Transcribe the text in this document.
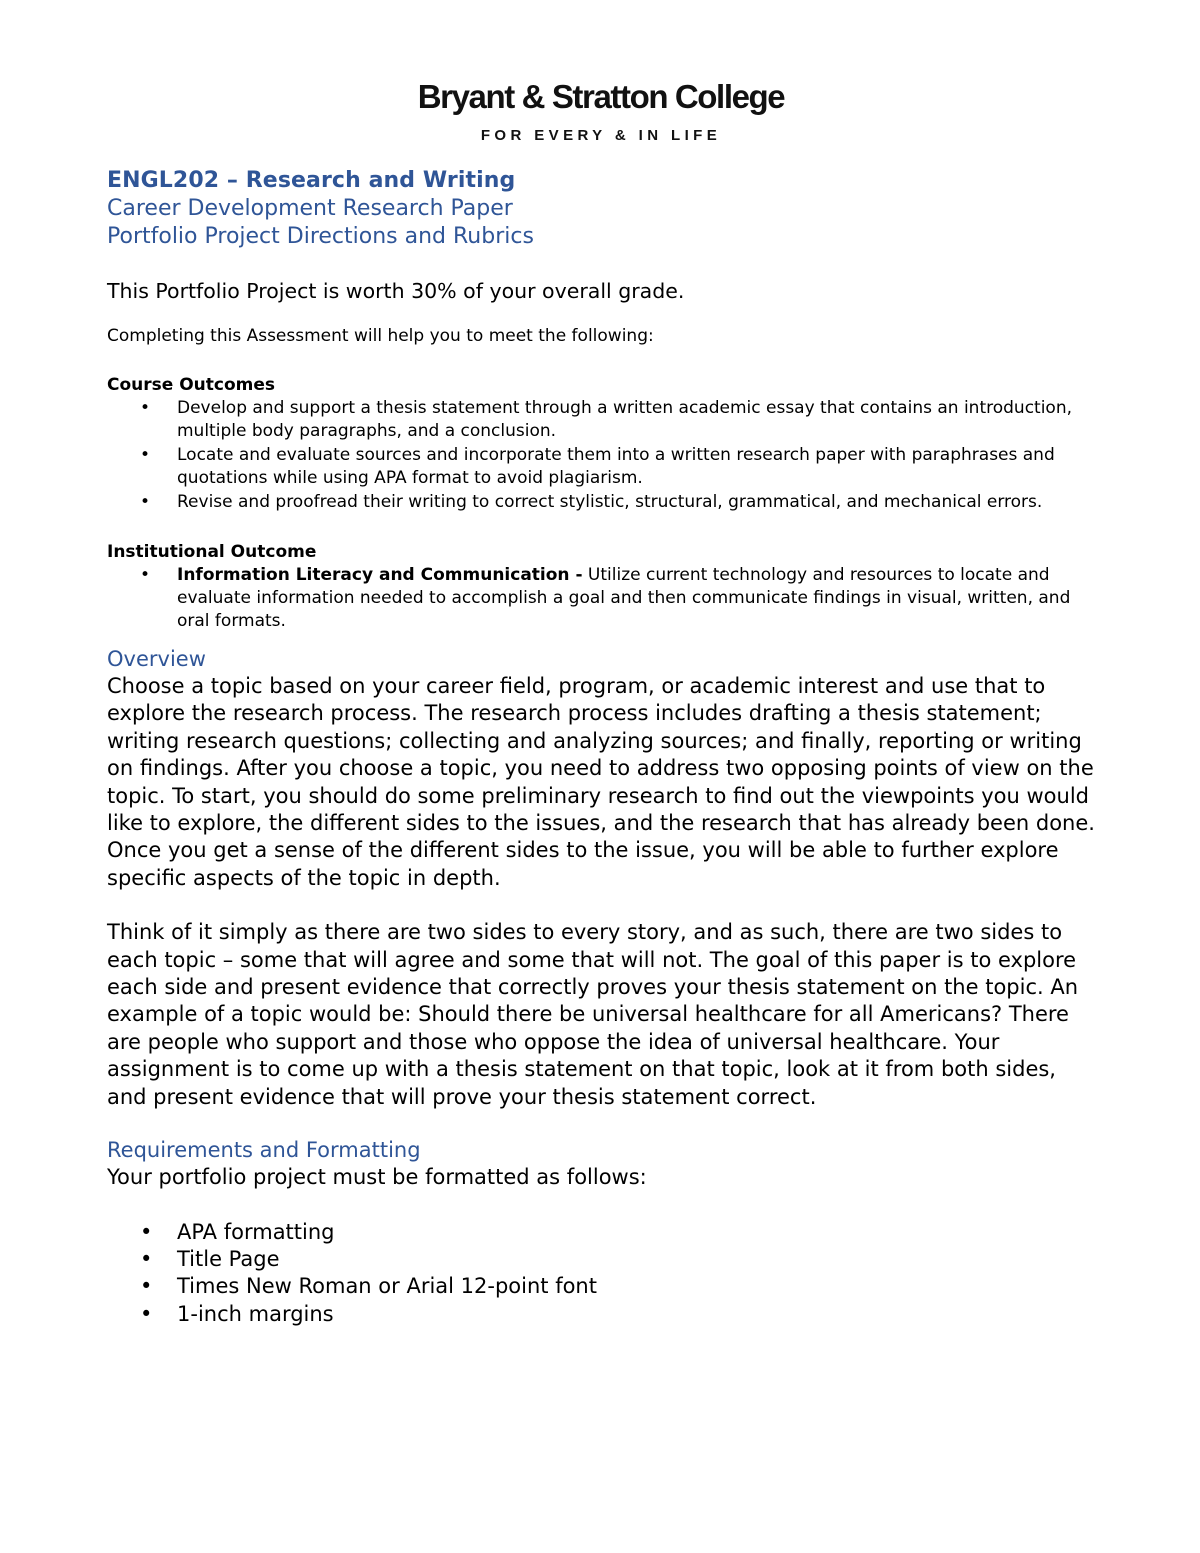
Bryant & Stratton College
FOR EVERY & IN LIFE

ENGL202 – Research and Writing

Career Development Research Paper

Portfolio Project Directions and Rubrics

This Portfolio Project is worth 30% of your overall grade.

Completing this Assessment will help you to meet the following:

Course Outcomes

• Develop and support a thesis statement through a written academic essay that contains an introduction, multiple body paragraphs, and a conclusion.
• Locate and evaluate sources and incorporate them into a written research paper with paraphrases and quotations while using APA format to avoid plagiarism.
• Revise and proofread their writing to correct stylistic, structural, grammatical, and mechanical errors.

Institutional Outcome

• Information Literacy and Communication - Utilize current technology and resources to locate and evaluate information needed to accomplish a goal and then communicate findings in visual, written, and oral formats.

Overview

Choose a topic based on your career field, program, or academic interest and use that to explore the research process. The research process includes drafting a thesis statement; writing research questions; collecting and analyzing sources; and finally, reporting or writing on findings. After you choose a topic, you need to address two opposing points of view on the topic. To start, you should do some preliminary research to find out the viewpoints you would like to explore, the different sides to the issues, and the research that has already been done. Once you get a sense of the different sides to the issue, you will be able to further explore specific aspects of the topic in depth.

Think of it simply as there are two sides to every story, and as such, there are two sides to each topic – some that will agree and some that will not. The goal of this paper is to explore each side and present evidence that correctly proves your thesis statement on the topic. An example of a topic would be: Should there be universal healthcare for all Americans? There are people who support and those who oppose the idea of universal healthcare. Your assignment is to come up with a thesis statement on that topic, look at it from both sides, and present evidence that will prove your thesis statement correct.

Requirements and Formatting

Your portfolio project must be formatted as follows:

• APA formatting
• Title Page
• Times New Roman or Arial 12-point font
• 1-inch margins
